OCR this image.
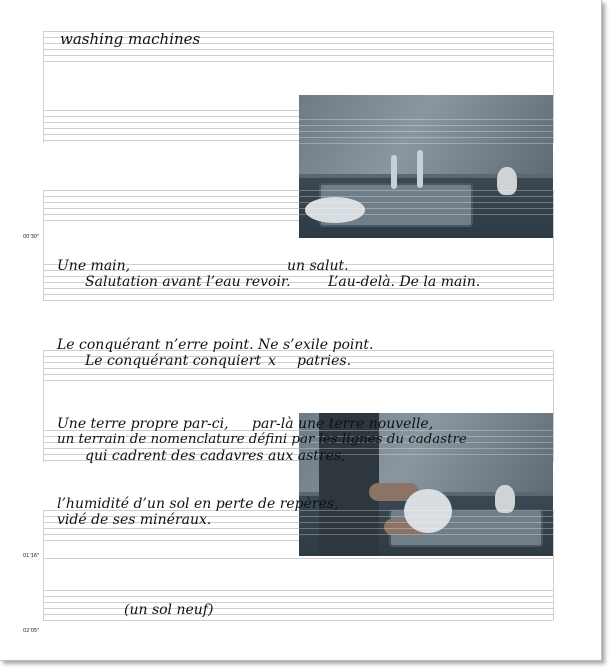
00'30"
01'16"
02'05"
washing machines
Une main,	un salut.
Salutation avant l’eau revoir.	L’au-delà. De la main.
Le conquérant n’erre point. Ne s’exile point.
Le conquérant conquiert x patries.
Une terre propre par-ci, par-là une terre nouvelle,
un terrain de nomenclature défini par les lignes du cadastre
qui cadrent des cadavres aux astres,
l’humidité d’un sol en perte de repères,
vidé de ses minéraux.
(un sol neuf)
